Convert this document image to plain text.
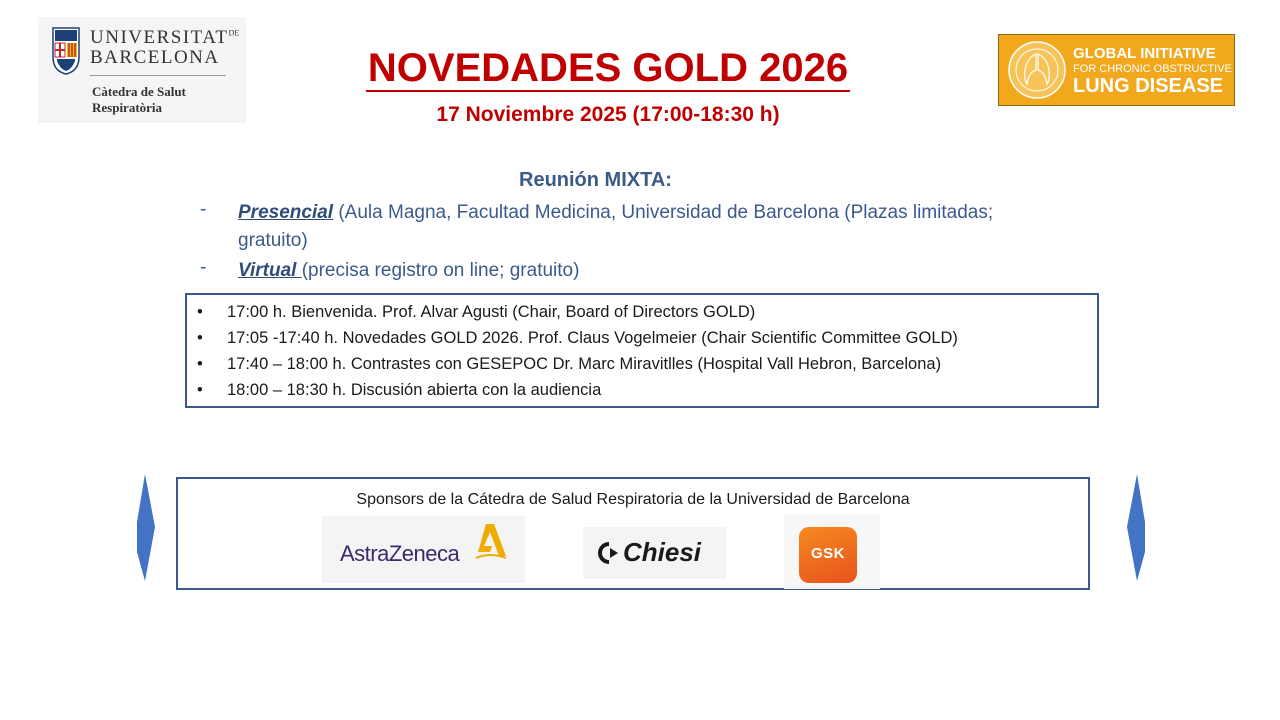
$UNIVERSITAT^{DE}$
BARCELONA
Càtedra de Salut
Respiratòria
NOVEDADES GOLD 2026
17 Noviembre 2025 (17:00-18:30 h)
GLOBAL INITIATIVE
FOR CHRONIC OBSTRUCTIVE
LUNG DISEASE
Reunión MIXTA:
- Presencial (Aula Magna, Facultad Medicina, Universidad de Barcelona (Plazas limitadas; gratuito)
- Virtual (precisa registro on line; gratuito)
• 17:00 h. Bienvenida. Prof. Alvar Agusti (Chair, Board of Directors GOLD)
• 17:05 -17:40 h. Novedades GOLD 2026. Prof. Claus Vogelmeier (Chair Scientific Committee GOLD)
• 17:40 – 18:00 h. Contrastes con GESEPOC Dr. Marc Miravitlles (Hospital Vall Hebron, Barcelona)
• 18:00 – 18:30 h. Discusión abierta con la audiencia
Sponsors de la Cátedra de Salud Respiratoria de la Universidad de Barcelona
AstraZeneca	Chiesi	GSK
